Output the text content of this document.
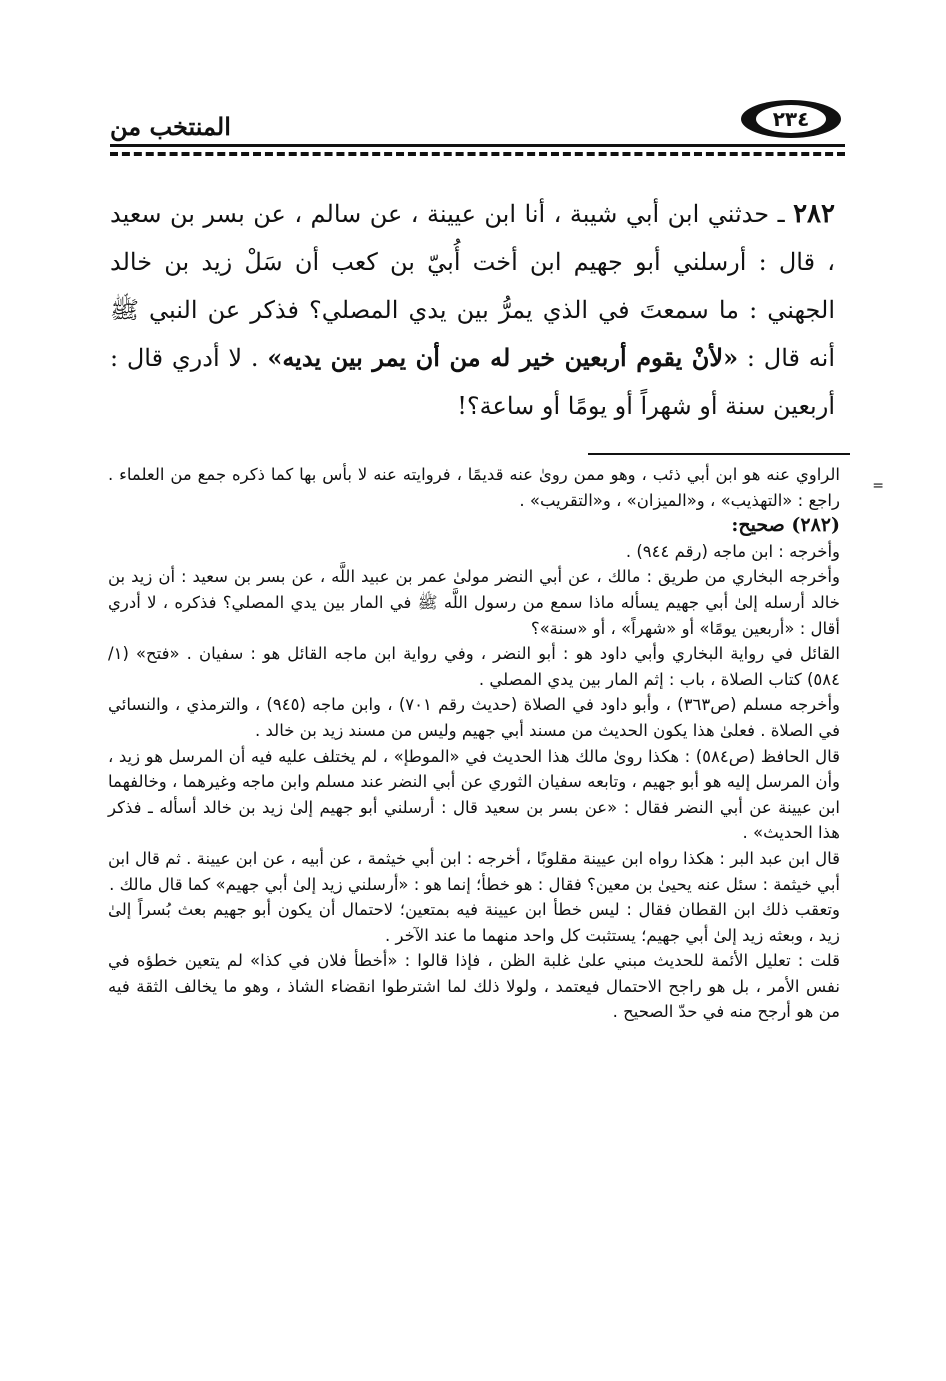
المنتخب من	٢٣٤
٢٨٢ ـ حدثني ابن أبي شيبة ، أنا ابن عيينة ، عن سالم ، عن بسر بن سعيد ، قال : أرسلني أبو جهيم ابن أخت أُبيّ بن كعب أن سَلْ زيد بن خالد الجهني : ما سمعتَ في الذي يمرُّ بين يدي المصلي؟ فذكر عن النبي ﷺ أنه قال : «لأنْ يقوم أربعين خير له من أن يمر بين يديه» . لا أدري قال : أربعين سنة أو شهراً أو يومًا أو ساعة؟!
=

الراوي عنه هو ابن أبي ذئب ، وهو ممن روىٰ عنه قديمًا ، فروايته عنه لا بأس بها كما ذكره جمع من العلماء . راجع : «التهذيب» ، و«الميزان» ، و«التقريب» .

(٢٨٢) صحيح:

وأخرجه : ابن ماجه (رقم ٩٤٤) .

وأخرجه البخاري من طريق : مالك ، عن أبي النضر مولىٰ عمر بن عبيد اللَّه ، عن بسر بن سعيد : أن زيد بن خالد أرسله إلىٰ أبي جهيم يسأله ماذا سمع من رسول اللَّه ﷺ في المار بين يدي المصلي؟ فذكره ، لا أدري أقال : «أربعين يومًا» أو «شهراً» ، أو «سنة»؟

القائل في رواية البخاري وأبي داود هو : أبو النضر ، وفي رواية ابن ماجه القائل هو : سفيان . «فتح» (١/ ٥٨٤) كتاب الصلاة ، باب : إثم المار بين يدي المصلي .

وأخرجه مسلم (ص٣٦٣) ، وأبو داود في الصلاة (حديث رقم ٧٠١) ، وابن ماجه (٩٤٥) ، والترمذي ، والنسائي في الصلاة . فعلىٰ هذا يكون الحديث من مسند أبي جهيم وليس من مسند زيد بن خالد .

قال الحافظ (ص٥٨٤) : هكذا روىٰ مالك هذا الحديث في «الموطإ» ، لم يختلف عليه فيه أن المرسل هو زيد ، وأن المرسل إليه هو أبو جهيم ، وتابعه سفيان الثوري عن أبي النضر عند مسلم وابن ماجه وغيرهما ، وخالفهما ابن عيينة عن أبي النضر فقال : «عن بسر بن سعيد قال : أرسلني أبو جهيم إلىٰ زيد بن خالد أسأله ـ فذكر هذا الحديث» .

قال ابن عبد البر : هكذا رواه ابن عيينة مقلوبًا ، أخرجه : ابن أبي خيثمة ، عن أبيه ، عن ابن عيينة . ثم قال ابن أبي خيثمة : سئل عنه يحيىٰ بن معين؟ فقال : هو خطأ؛ إنما هو : «أرسلني زيد إلىٰ أبي جهيم» كما قال مالك .

وتعقب ذلك ابن القطان فقال : ليس خطأ ابن عيينة فيه بمتعين؛ لاحتمال أن يكون أبو جهيم بعث بُسراً إلىٰ زيد ، وبعثه زيد إلىٰ أبي جهيم؛ يستثبت كل واحد منهما ما عند الآخر .

قلت : تعليل الأئمة للحديث مبني علىٰ غلبة الظن ، فإذا قالوا : «أخطأ فلان في كذا» لم يتعين خطؤه في نفس الأمر ، بل هو راجح الاحتمال فيعتمد ، ولولا ذلك لما اشترطوا انقضاء الشاذ ، وهو ما يخالف الثقة فيه من هو أرجح منه في حدّ الصحيح .
